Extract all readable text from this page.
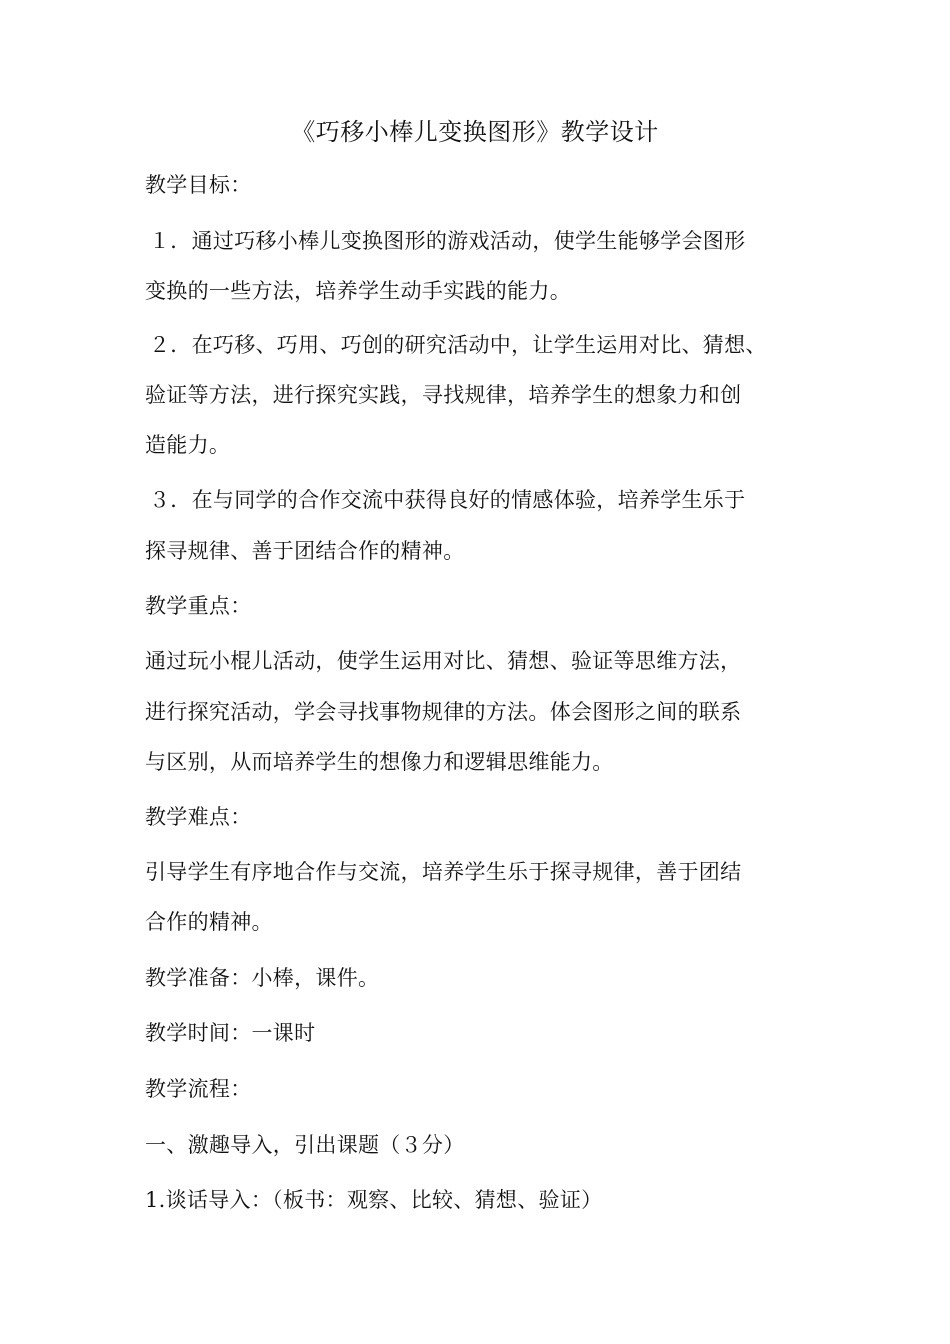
《巧移小棒儿变换图形》教学设计
教学目标：
１．通过巧移小棒儿变换图形的游戏活动，使学生能够学会图形
变换的一些方法，培养学生动手实践的能力。
２．在巧移、巧用、巧创的研究活动中，让学生运用对比、猜想、
验证等方法，进行探究实践，寻找规律，培养学生的想象力和创
造能力。
３．在与同学的合作交流中获得良好的情感体验，培养学生乐于
探寻规律、善于团结合作的精神。
教学重点：
通过玩小棍儿活动，使学生运用对比、猜想、验证等思维方法，
进行探究活动，学会寻找事物规律的方法。体会图形之间的联系
与区别，从而培养学生的想像力和逻辑思维能力。
教学难点：
引导学生有序地合作与交流，培养学生乐于探寻规律，善于团结
合作的精神。
教学准备：小棒，课件。
教学时间：一课时
教学流程：
一、激趣导入，引出课题（３分）
1.谈话导入：（板书：观察、比较、猜想、验证）
